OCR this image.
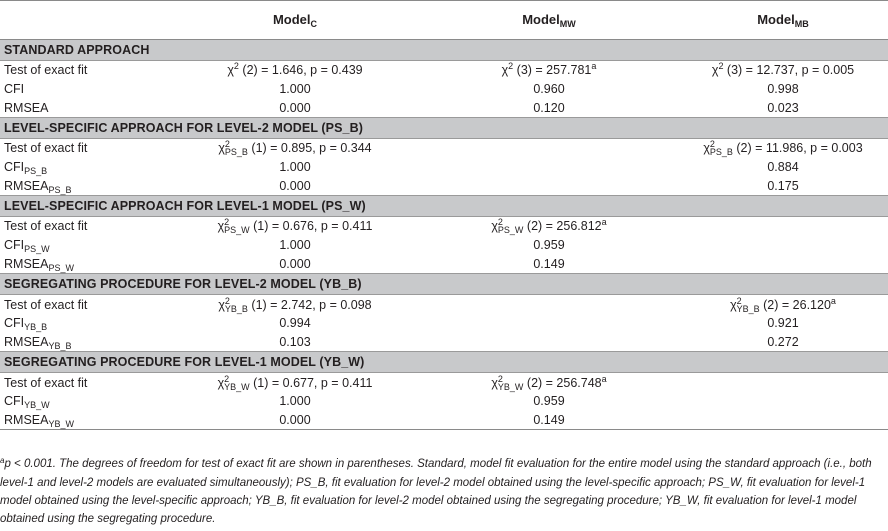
	Model$_C$	Model$_{MW}$	Model$_{MB}$
STANDARD APPROACH			
Test of exact fit	$\chi^2$ (2) = 1.646, p = 0.439	$\chi^2$ (3) = 257.781$^a$	$\chi^2$ (3) = 12.737, p = 0.005
CFI	1.000	0.960	0.998
RMSEA	0.000	0.120	0.023
LEVEL-SPECIFIC APPROACH FOR LEVEL-2 MODEL (PS_B)			
Test of exact fit	$\chi^2_{PS\_B}$ (1) = 0.895, p = 0.344		$\chi^2_{PS\_B}$ (2) = 11.986, p = 0.003
$CFI_{PS\_B}$	1.000		0.884
$RMSEA_{PS\_B}$	0.000		0.175
LEVEL-SPECIFIC APPROACH FOR LEVEL-1 MODEL (PS_W)			
Test of exact fit	$\chi^2_{PS\_W}$ (1) = 0.676, p = 0.411	$\chi^2_{PS\_W}$ (2) = 256.812$^a$	
$CFI_{PS\_W}$	1.000	0.959	
$RMSEA_{PS\_W}$	0.000	0.149	
SEGREGATING PROCEDURE FOR LEVEL-2 MODEL (YB_B)			
Test of exact fit	$\chi^2_{YB\_B}$ (1) = 2.742, p = 0.098		$\chi^2_{YB\_B}$ (2) = 26.120$^a$
$CFI_{YB\_B}$	0.994		0.921
$RMSEA_{YB\_B}$	0.103		0.272
SEGREGATING PROCEDURE FOR LEVEL-1 MODEL (YB_W)			
Test of exact fit	$\chi^2_{YB\_W}$ (1) = 0.677, p = 0.411	$\chi^2_{YB\_W}$ (2) = 256.748$^a$	
$CFI_{YB\_W}$	1.000	0.959	
$RMSEA_{YB\_W}$	0.000	0.149	
$^a$p < 0.001. The degrees of freedom for test of exact fit are shown in parentheses. Standard, model fit evaluation for the entire model using the standard approach (i.e., both level-1 and level-2 models are evaluated simultaneously); PS_B, fit evaluation for level-2 model obtained using the level-specific approach; PS_W, fit evaluation for level-1 model obtained using the level-specific approach; YB_B, fit evaluation for level-2 model obtained using the segregating procedure; YB_W, fit evaluation for level-1 model obtained using the segregating procedure.
